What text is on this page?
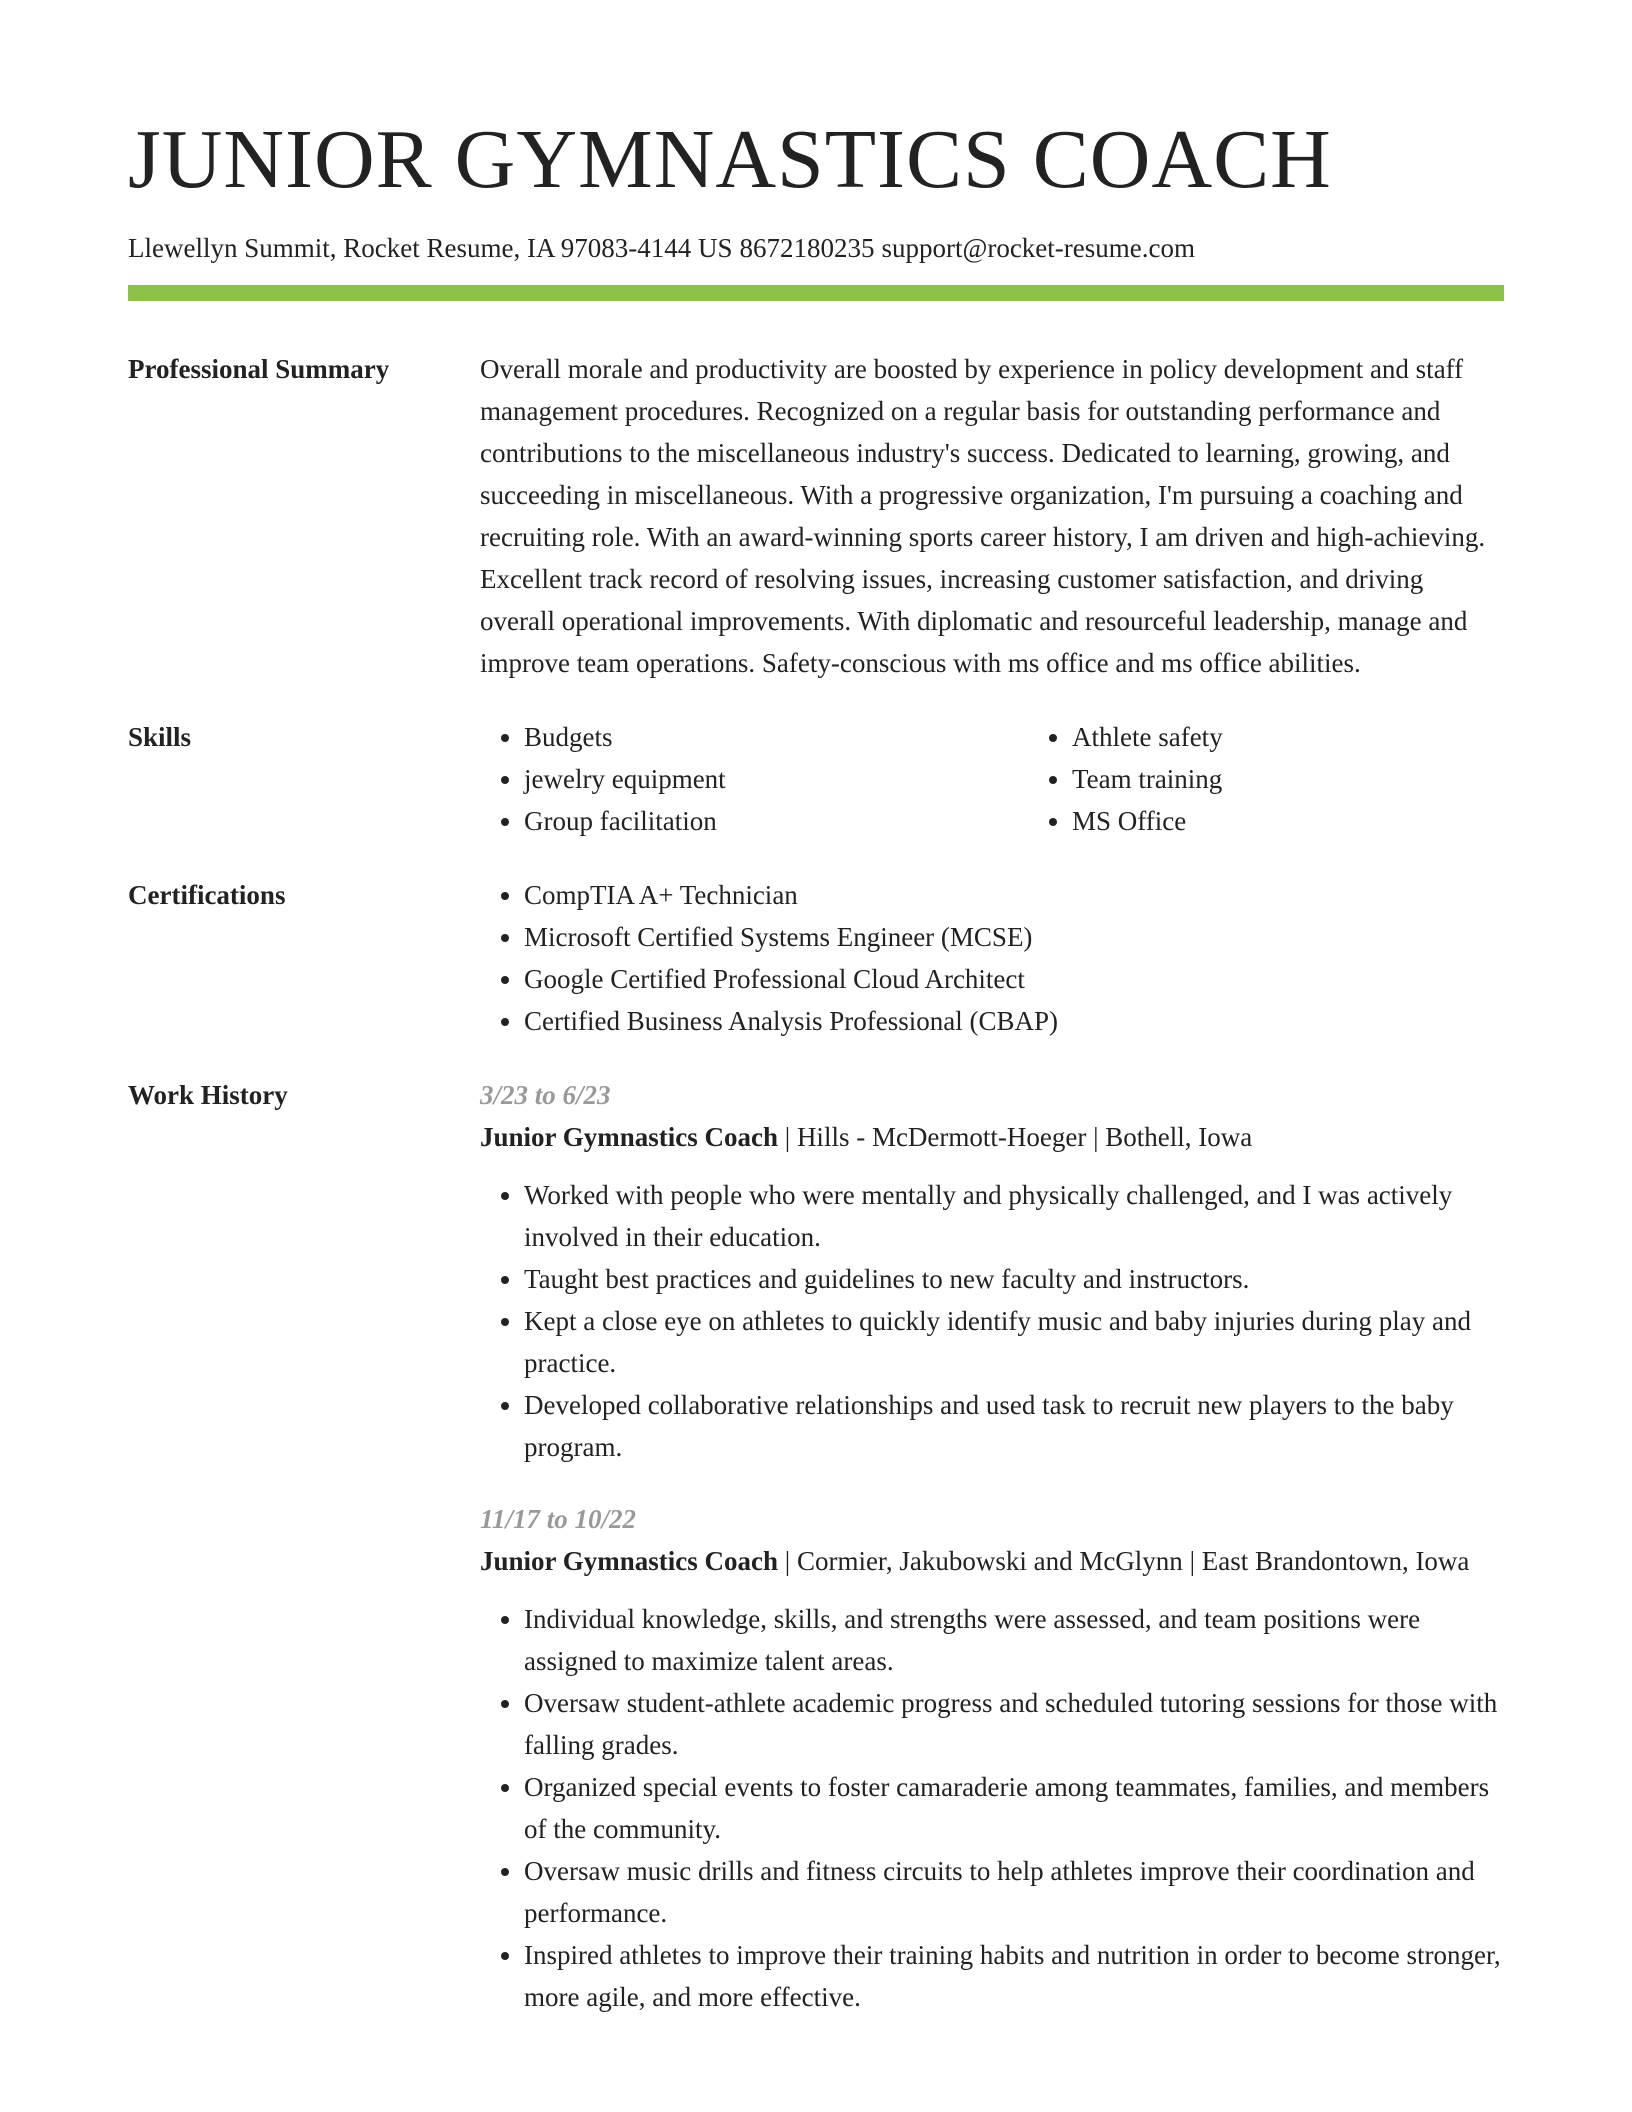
JUNIOR GYMNASTICS COACH
Llewellyn Summit, Rocket Resume, IA 97083-4144 US 8672180235 support@rocket-resume.com
Professional Summary	Overall morale and productivity are boosted by experience in policy development and staff management procedures. Recognized on a regular basis for outstanding performance and contributions to the miscellaneous industry's success. Dedicated to learning, growing, and succeeding in miscellaneous. With a progressive organization, I'm pursuing a coaching and recruiting role. With an award-winning sports career history, I am driven and high-achieving. Excellent track record of resolving issues, increasing customer satisfaction, and driving overall operational improvements. With diplomatic and resourceful leadership, manage and improve team operations. Safety-conscious with ms office and ms office abilities.

Skills	• Budgets
• jewelry equipment
• Group facilitation
• Athlete safety
• Team training
• MS Office
Certifications	• CompTIA A+ Technician
• Microsoft Certified Systems Engineer (MCSE)
• Google Certified Professional Cloud Architect
• Certified Business Analysis Professional (CBAP)
Work History	3/23 to 6/23
Junior Gymnastics Coach | Hills - McDermott-Hoeger | Bothell, Iowa
• Worked with people who were mentally and physically challenged, and I was actively involved in their education.
• Taught best practices and guidelines to new faculty and instructors.
• Kept a close eye on athletes to quickly identify music and baby injuries during play and practice.
• Developed collaborative relationships and used task to recruit new players to the baby program.
11/17 to 10/22
Junior Gymnastics Coach | Cormier, Jakubowski and McGlynn | East Brandontown, Iowa
• Individual knowledge, skills, and strengths were assessed, and team positions were assigned to maximize talent areas.
• Oversaw student-athlete academic progress and scheduled tutoring sessions for those with falling grades.
• Organized special events to foster camaraderie among teammates, families, and members of the community.
• Oversaw music drills and fitness circuits to help athletes improve their coordination and performance.
• Inspired athletes to improve their training habits and nutrition in order to become stronger, more agile, and more effective.
